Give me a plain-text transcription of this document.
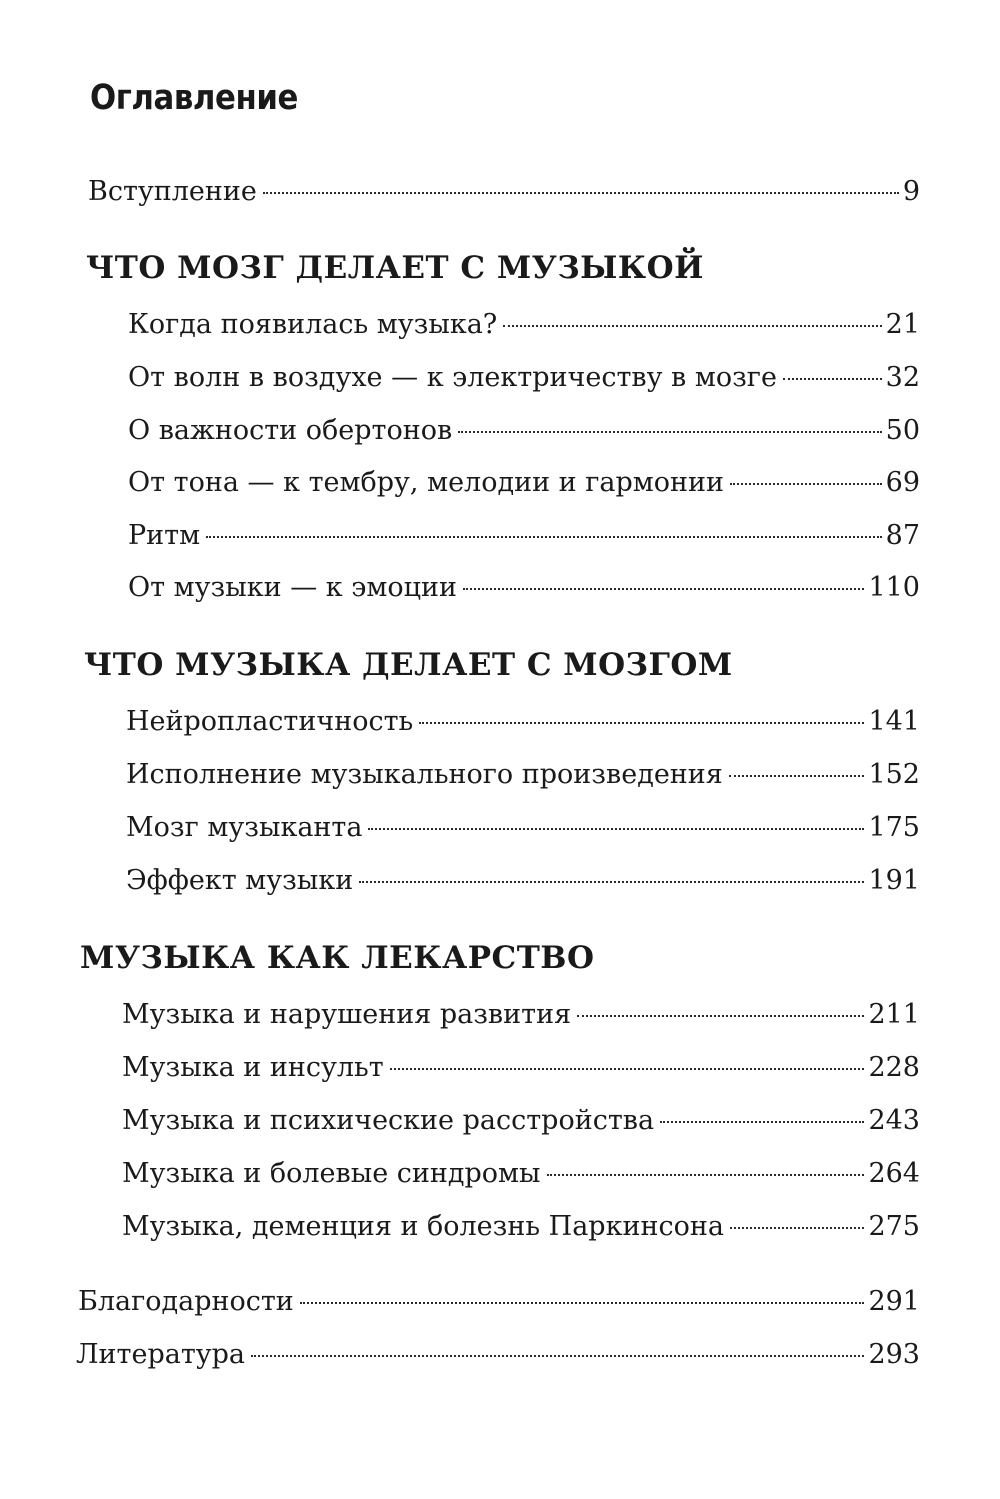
Оглавление
Вступление	9
ЧТО МОЗГ ДЕЛАЕТ С МУЗЫКОЙ
Когда появилась музыка?	21
От волн в воздухе — к электричеству в мозге	32
О важности обертонов	50
От тона — к тембру, мелодии и гармонии	69
Ритм	87
От музыки — к эмоции	110
ЧТО МУЗЫКА ДЕЛАЕТ С МОЗГОМ
Нейропластичность	141
Исполнение музыкального произведения	152
Мозг музыканта	175
Эффект музыки	191
МУЗЫКА КАК ЛЕКАРСТВО
Музыка и нарушения развития	211
Музыка и инсульт	228
Музыка и психические расстройства	243
Музыка и болевые синдромы	264
Музыка, деменция и болезнь Паркинсона	275
Благодарности	291
Литература	293
